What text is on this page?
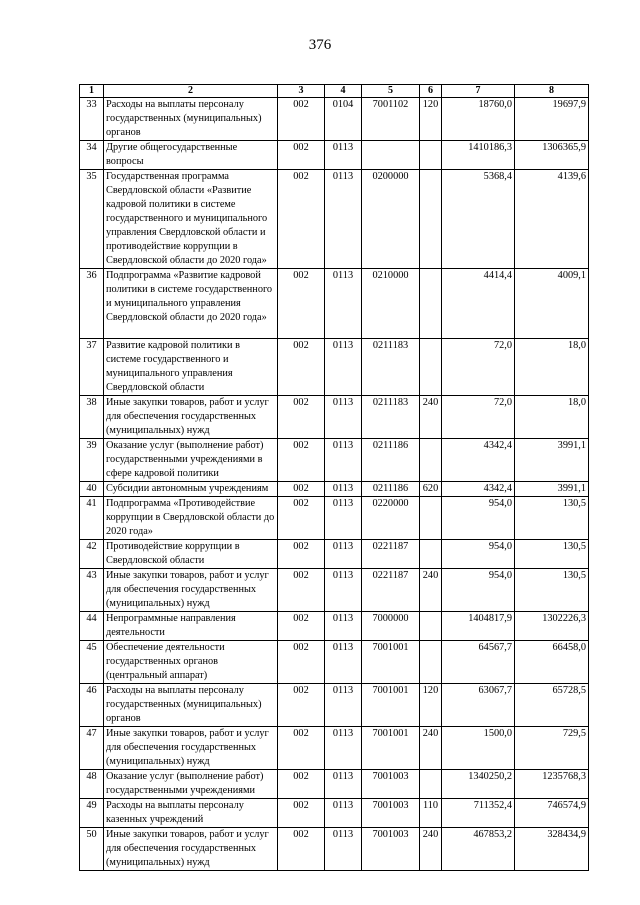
376
1	2	3	4	5	6	7	8
33	Расходы на выплаты персоналу государственных (муниципальных) органов	002	0104	7001102	120	18760,0	19697,9
34	Другие общегосударственные вопросы	002	0113			1410186,3	1306365,9
35	Государственная программа Свердловской области «Развитие кадровой политики в системе государственного и муниципального управления Свердловской области и противодействие коррупции в Свердловской области до 2020 года»	002	0113	0200000		5368,4	4139,6
36	Подпрограмма «Развитие кадровой политики в системе государственного и муниципального управления Свердловской области до 2020 года»	002	0113	0210000		4414,4	4009,1
37	Развитие кадровой политики в системе государственного и муниципального управления Свердловской области	002	0113	0211183		72,0	18,0
38	Иные закупки товаров, работ и услуг для обеспечения государственных (муниципальных) нужд	002	0113	0211183	240	72,0	18,0
39	Оказание услуг (выполнение работ) государственными учреждениями в сфере кадровой политики	002	0113	0211186		4342,4	3991,1
40	Субсидии автономным учреждениям	002	0113	0211186	620	4342,4	3991,1
41	Подпрограмма «Противодействие коррупции в Свердловской области до 2020 года»	002	0113	0220000		954,0	130,5
42	Противодействие коррупции в Свердловской области	002	0113	0221187		954,0	130,5
43	Иные закупки товаров, работ и услуг для обеспечения государственных (муниципальных) нужд	002	0113	0221187	240	954,0	130,5
44	Непрограммные направления деятельности	002	0113	7000000		1404817,9	1302226,3
45	Обеспечение деятельности государственных органов (центральный аппарат)	002	0113	7001001		64567,7	66458,0
46	Расходы на выплаты персоналу государственных (муниципальных) органов	002	0113	7001001	120	63067,7	65728,5
47	Иные закупки товаров, работ и услуг для обеспечения государственных (муниципальных) нужд	002	0113	7001001	240	1500,0	729,5
48	Оказание услуг (выполнение работ) государственными учреждениями	002	0113	7001003		1340250,2	1235768,3
49	Расходы на выплаты персоналу казенных учреждений	002	0113	7001003	110	711352,4	746574,9
50	Иные закупки товаров, работ и услуг для обеспечения государственных (муниципальных) нужд	002	0113	7001003	240	467853,2	328434,9
